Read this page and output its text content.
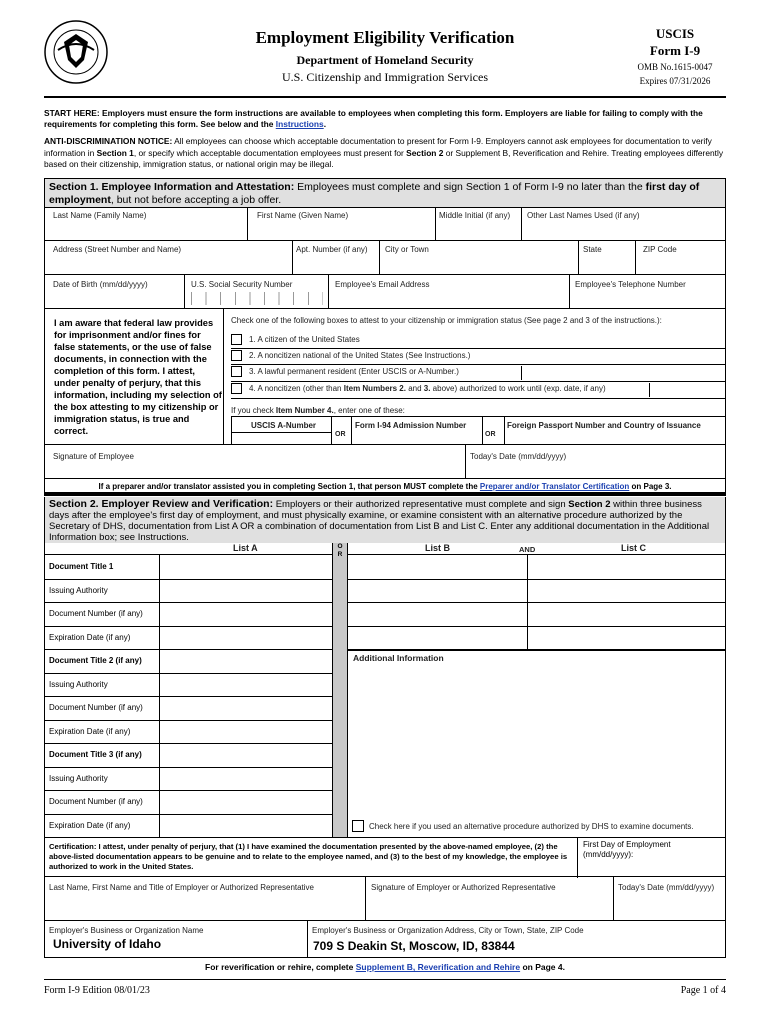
Employment Eligibility Verification
Department of Homeland Security
U.S. Citizenship and Immigration Services
USCIS
Form I-9
OMB No.1615-0047
Expires 07/31/2026
START HERE: Employers must ensure the form instructions are available to employees when completing this form. Employers are liable for failing to comply with the requirements for completing this form. See below and the Instructions.
ANTI-DISCRIMINATION NOTICE: All employees can choose which acceptable documentation to present for Form I-9. Employers cannot ask employees for documentation to verify information in Section 1, or specify which acceptable documentation employees must present for Section 2 or Supplement B, Reverification and Rehire. Treating employees differently based on their citizenship, immigration status, or national origin may be illegal.
Section 1. Employee Information and Attestation: Employees must complete and sign Section 1 of Form I-9 no later than the first day of employment, but not before accepting a job offer.
Last Name (Family Name)	First Name (Given Name)	Middle Initial (if any) Other Last Names Used (if any)
Address (Street Number and Name)	Apt. Number (if any) City or Town	State	ZIP Code
Date of Birth (mm/dd/yyyy)	U.S. Social Security Number	Employee's Email Address	Employee's Telephone Number
I am aware that federal law provides for imprisonment and/or fines for false statements, or the use of false documents, in connection with the completion of this form. I attest, under penalty of perjury, that this information, including my selection of the box attesting to my citizenship or immigration status, is true and correct.
Check one of the following boxes to attest to your citizenship or immigration status (See page 2 and 3 of the instructions.):
1. A citizen of the United States
2. A noncitizen national of the United States (See Instructions.)
3. A lawful permanent resident (Enter USCIS or A-Number.)
4. A noncitizen (other than Item Numbers 2. and 3. above) authorized to work until (exp. date, if any)
If you check Item Number 4., enter one of these:
USCIS A-Number
OR
Form I-94 Admission Number
OR
Foreign Passport Number and Country of Issuance
Signature of Employee	Today's Date (mm/dd/yyyy)
If a preparer and/or translator assisted you in completing Section 1, that person MUST complete the Preparer and/or Translator Certification on Page 3.
Section 2. Employer Review and Verification: Employers or their authorized representative must complete and sign Section 2 within three business days after the employee's first day of employment, and must physically examine, or examine consistent with an alternative procedure authorized by the Secretary of DHS, documentation from List A OR a combination of documentation from List B and List C. Enter any additional documentation in the Additional Information box; see Instructions.
List A	List B	AND	List C
O
R
Additional Information
Check here if you used an alternative procedure authorized by DHS to examine documents.
Document Title 1
Issuing Authority
Document Number (if any)
Expiration Date (if any)
Document Title 2 (if any)
Issuing Authority
Document Number (if any)
Expiration Date (if any)
Document Title 3 (if any)
Issuing Authority
Document Number (if any)
Expiration Date (if any)
Certification: I attest, under penalty of perjury, that (1) I have examined the documentation presented by the above-named employee, (2) the above-listed documentation appears to be genuine and to relate to the employee named, and (3) to the best of my knowledge, the employee is authorized to work in the United States.
First Day of Employment (mm/dd/yyyy):
Last Name, First Name and Title of Employer or Authorized Representative	Signature of Employer or Authorized Representative	Today's Date (mm/dd/yyyy)
Employer's Business or Organization Name	Employer's Business or Organization Address, City or Town, State, ZIP Code
University of Idaho	709 S Deakin St, Moscow, ID, 83844
For reverification or rehire, complete Supplement B, Reverification and Rehire on Page 4.
Form I-9 Edition 08/01/23	Page 1 of 4
